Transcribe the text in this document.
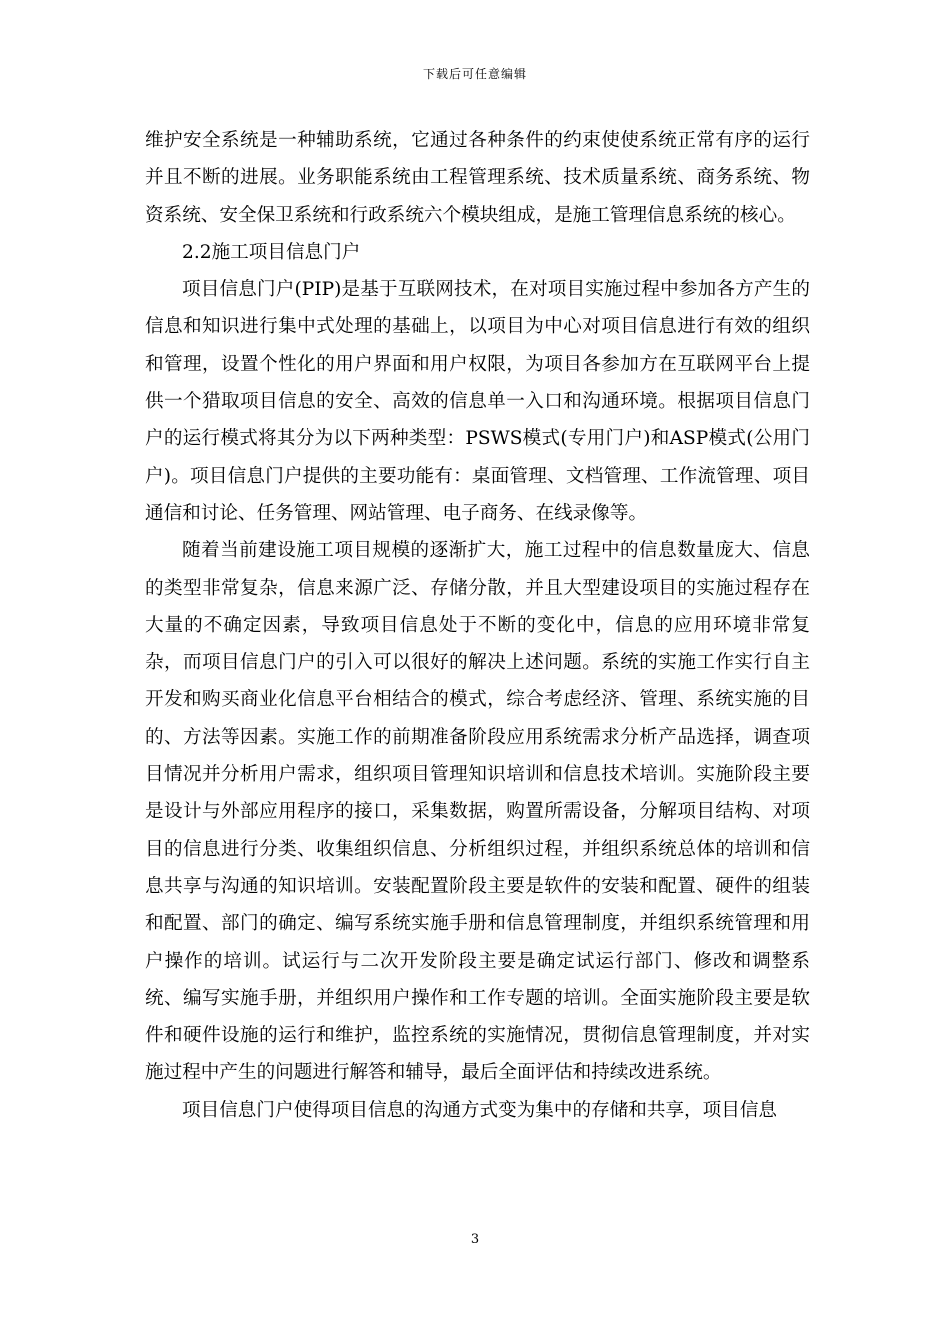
下载后可任意编辑

维护安全系统是一种辅助系统，它通过各种条件的约束使使系统正常有序的运行并且不断的进展。业务职能系统由工程管理系统、技术质量系统、商务系统、物资系统、安全保卫系统和行政系统六个模块组成，是施工管理信息系统的核心。

2.2施工项目信息门户

项目信息门户(PIP)是基于互联网技术，在对项目实施过程中参加各方产生的信息和知识进行集中式处理的基础上，以项目为中心对项目信息进行有效的组织和管理，设置个性化的用户界面和用户权限，为项目各参加方在互联网平台上提供一个猎取项目信息的安全、高效的信息单一入口和沟通环境。根据项目信息门户的运行模式将其分为以下两种类型：PSWS模式(专用门户)和ASP模式(公用门户)。项目信息门户提供的主要功能有：桌面管理、文档管理、工作流管理、项目通信和讨论、任务管理、网站管理、电子商务、在线录像等。

随着当前建设施工项目规模的逐渐扩大，施工过程中的信息数量庞大、信息的类型非常复杂，信息来源广泛、存储分散，并且大型建设项目的实施过程存在大量的不确定因素，导致项目信息处于不断的变化中，信息的应用环境非常复杂，而项目信息门户的引入可以很好的解决上述问题。系统的实施工作实行自主开发和购买商业化信息平台相结合的模式，综合考虑经济、管理、系统实施的目的、方法等因素。实施工作的前期准备阶段应用系统需求分析产品选择，调查项目情况并分析用户需求，组织项目管理知识培训和信息技术培训。实施阶段主要是设计与外部应用程序的接口，采集数据，购置所需设备，分解项目结构、对项目的信息进行分类、收集组织信息、分析组织过程，并组织系统总体的培训和信息共享与沟通的知识培训。安装配置阶段主要是软件的安装和配置、硬件的组装和配置、部门的确定、编写系统实施手册和信息管理制度，并组织系统管理和用户操作的培训。试运行与二次开发阶段主要是确定试运行部门、修改和调整系统、编写实施手册，并组织用户操作和工作专题的培训。全面实施阶段主要是软件和硬件设施的运行和维护，监控系统的实施情况，贯彻信息管理制度，并对实施过程中产生的问题进行解答和辅导，最后全面评估和持续改进系统。

项目信息门户使得项目信息的沟通方式变为集中的存储和共享，项目信息

3
